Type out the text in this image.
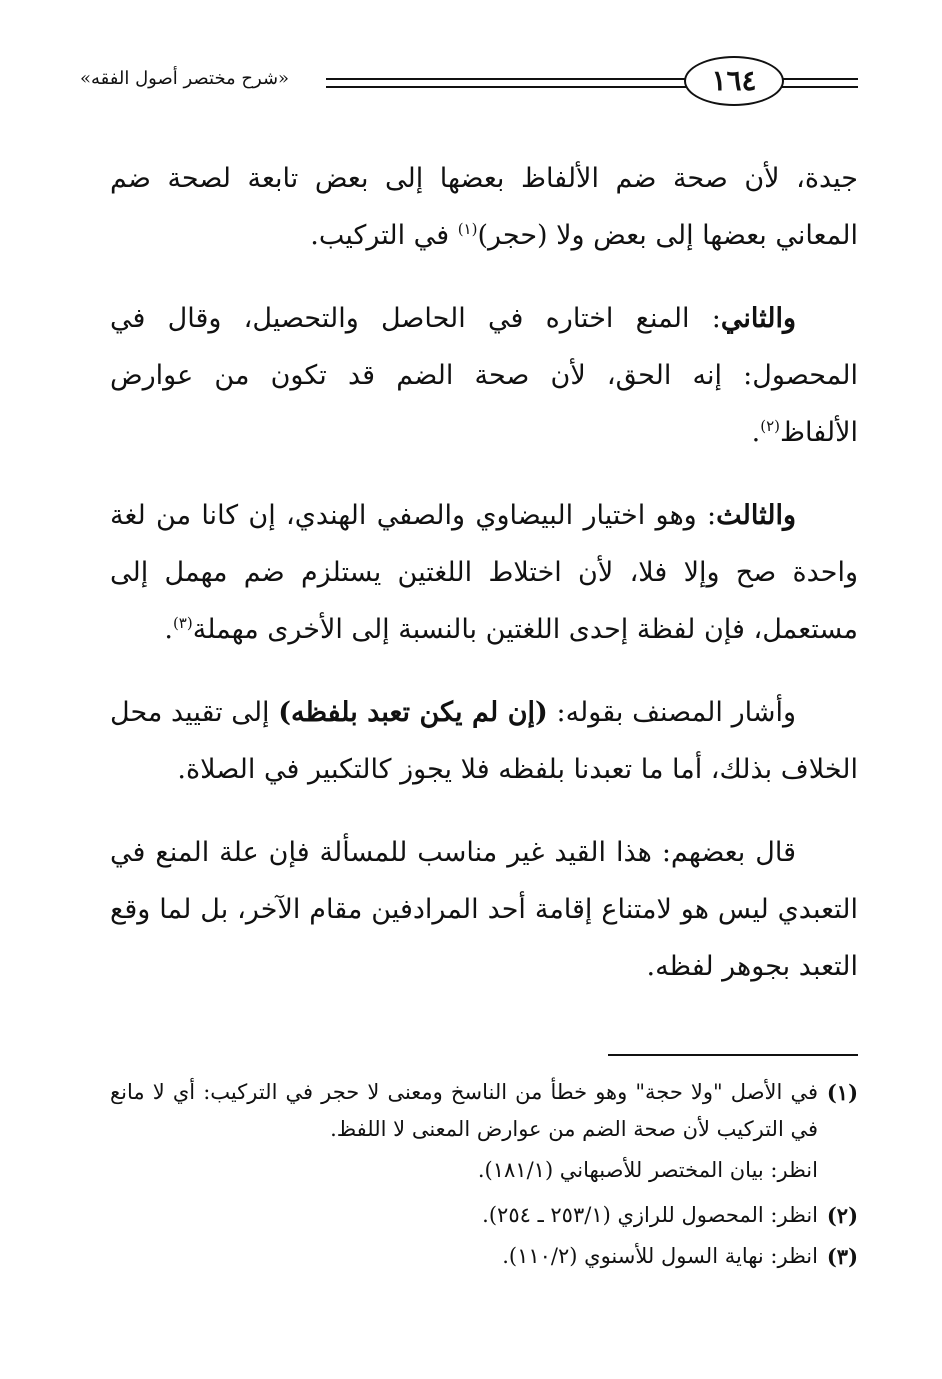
١٦٤
«شرح مختصر أصول الفقه»

جيدة، لأن صحة ضم الألفاظ بعضها إلى بعض تابعة لصحة ضم المعاني بعضها إلى بعض ولا (حجر)$^{(١)}$ في التركيب.

والثاني: المنع اختاره في الحاصل والتحصيل، وقال في المحصول: إنه الحق، لأن صحة الضم قد تكون من عوارض الألفاظ$^{(٢)}$.

والثالث: وهو اختيار البيضاوي والصفي الهندي، إن كانا من لغة واحدة صح وإلا فلا، لأن اختلاط اللغتين يستلزم ضم مهمل إلى مستعمل، فإن لفظة إحدى اللغتين بالنسبة إلى الأخرى مهملة$^{(٣)}$.

وأشار المصنف بقوله: (إن لم يكن تعبد بلفظه) إلى تقييد محل الخلاف بذلك، أما ما تعبدنا بلفظه فلا يجوز كالتكبير في الصلاة.

قال بعضهم: هذا القيد غير مناسب للمسألة فإن علة المنع في التعبدي ليس هو لامتناع إقامة أحد المرادفين مقام الآخر، بل لما وقع التعبد بجوهر لفظه.

(١)
في الأصل "ولا حجة" وهو خطأ من الناسخ ومعنى لا حجر في التركيب: أي لا مانع في التركيب لأن صحة الضم من عوارض المعنى لا اللفظ.
انظر: بيان المختصر للأصبهاني (١٨١/١).
(٢)
انظر: المحصول للرازي (٢٥٣/١ ـ ٢٥٤).
(٣)
انظر: نهاية السول للأسنوي (١١٠/٢).
